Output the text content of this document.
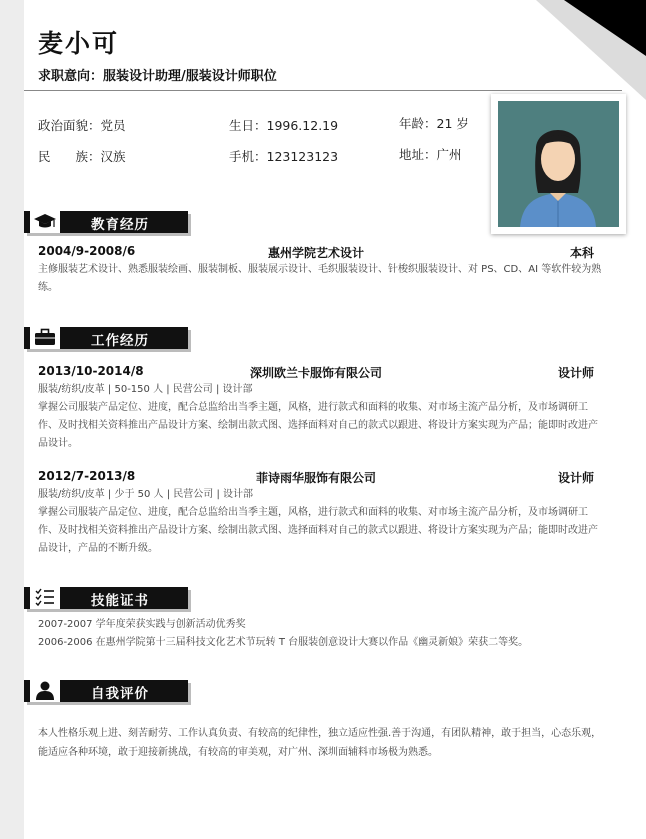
麦小可
求职意向：服装设计助理/服装设计师职位
政治面貌：党员	生日：1996.12.19	年龄：21 岁
民　　族：汉族	手机：123123123	地址：广州
教育经历
2004/9-2008/6	惠州学院艺术设计	本科
主修服装艺术设计、熟悉服装绘画、服装制板、服装展示设计、毛织服装设计、针梭织服装设计、对 PS、CD、AI 等软件较为熟练。
工作经历
2013/10-2014/8	深圳欧兰卡服饰有限公司	设计师
服装/纺织/皮革 | 50-150 人 | 民营公司 | 设计部
掌握公司服装产品定位、进度，配合总监给出当季主题，风格，进行款式和面料的收集、对市场主流产品分析，及市场调研工作、及时找相关资料推出产品设计方案、绘制出款式图、选择面料对自己的款式以跟进、将设计方案实现为产品；能即时改进产品设计。
2012/7-2013/8	菲诗雨华服饰有限公司	设计师
服装/纺织/皮革 | 少于 50 人 | 民营公司 | 设计部
掌握公司服装产品定位、进度，配合总监给出当季主题，风格，进行款式和面料的收集、对市场主流产品分析，及市场调研工作、及时找相关资料推出产品设计方案、绘制出款式图、选择面料对自己的款式以跟进、将设计方案实现为产品；能即时改进产品设计，产品的不断升级。
技能证书
2007-2007 学年度荣获实践与创新活动优秀奖
2006-2006 在惠州学院第十三届科技文化艺术节玩转 T 台服装创意设计大赛以作品《幽灵新娘》荣获二等奖。
自我评价
本人性格乐观上进、刻苦耐劳、工作认真负责、有较高的纪律性，独立适应性强.善于沟通，有团队精神，敢于担当，心态乐观，能适应各种环境，敢于迎接新挑战，有较高的审美观，对广州、深圳面辅料市场极为熟悉。
